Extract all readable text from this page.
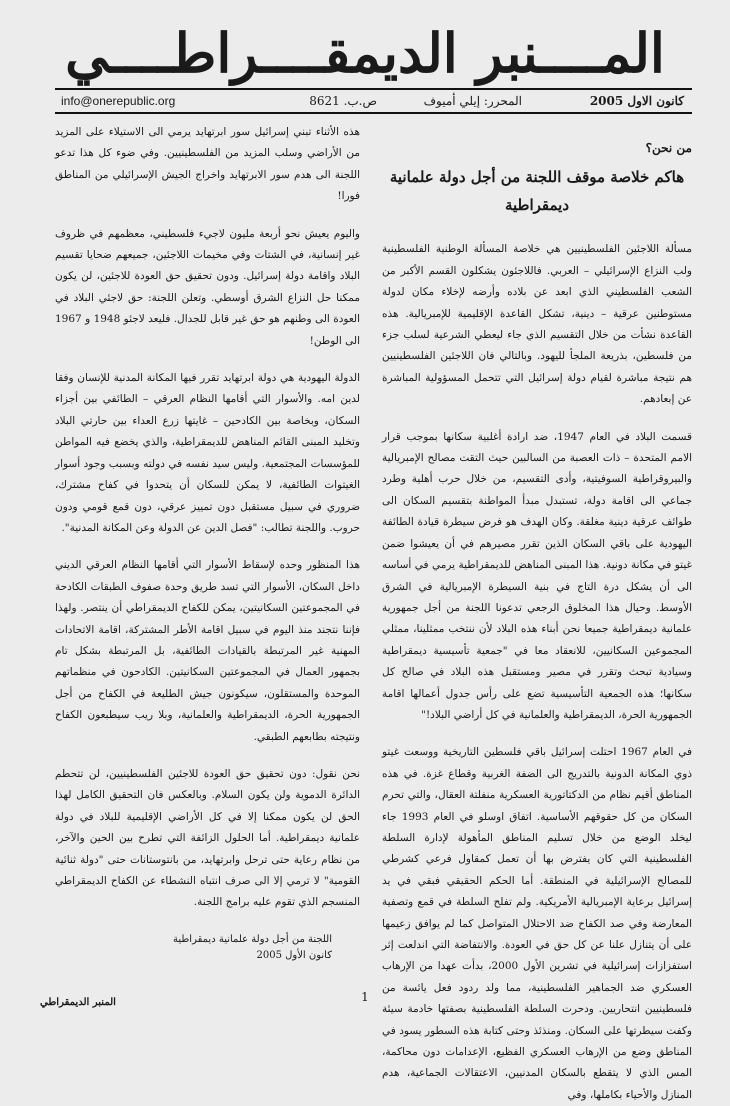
المــــنبر الديمقــــراطــــي
كانون الاول 2005
المحرر: إيلي أميوف
ص.ب. 8621
info@onerepublic.org
من نحن؟
هاكم خلاصة موقف اللجنة من أجل دولة علمانية ديمقراطية

مسألة اللاجئين الفلسطينيين هي خلاصة المسألة الوطنية الفلسطينية ولب النزاع الإسرائيلي – العربي. فاللاجئون يشكلون القسم الأكبر من الشعب الفلسطيني الذي ابعد عن بلاده وأرضه لإخلاء مكان لدولة مستوطنين عرقية – دينية، تشكل القاعدة الإقليمية للإمبريالية. هذه القاعدة نشأت من خلال التقسيم الذي جاء ليعطي الشرعية لسلب جزء من فلسطين، بذريعة الملجأ لليهود. وبالتالي فان اللاجئين الفلسطينيين هم نتيجة مباشرة لقيام دولة إسرائيل التي تتحمل المسؤولية المباشرة عن إبعادهم.

قسمت البلاد في العام 1947، ضد ارادة أغلبية سكانها بموجب قرار الامم المتحدة – ذات العصبة من السالبين حيث التقت مصالح الإمبريالية والبيروقراطية السوفيتية، وأدى التقسيم، من خلال حرب أهلية وطرد جماعي الى اقامة دولة، تستبدل مبدأ المواطنة بتقسيم السكان الى طوائف عرقية دينية مغلقة. وكان الهدف هو فرض سيطرة قيادة الطائفة اليهودية على باقي السكان الذين تقرر مصيرهم في أن يعيشوا ضمن غيتو في مكانة دونية. هذا المبنى المناهض للديمقراطية يرمي في أساسه الى أن يشكل درة التاج في بنية السيطرة الإمبريالية في الشرق الأوسط. وحيال هذا المخلوق الرجعي تدعونا اللجنة من أجل جمهورية علمانية ديمقراطية جميعا نحن أبناء هذه البلاد لأن ننتخب ممثلينا، ممثلي المجموعين السكانيين، للانعقاد معا في "جمعية تأسيسية ديمقراطية وسيادية تبحث وتقرر في مصير ومستقبل هذه البلاد في صالح كل سكانها؛ هذه الجمعية التأسيسية تضع على رأس جدول أعمالها اقامة الجمهورية الحرة، الديمقراطية والعلمانية في كل أراضي البلاد!"

في العام 1967 احتلت إسرائيل باقي فلسطين التاريخية ووسعت غيتو ذوي المكانة الدونية بالتدريج الى الضفة الغربية وقطاع غزة. في هذه المناطق أقيم نظام من الدكتاتورية العسكرية منفلتة العقال، والتي تحرم السكان من كل حقوقهم الأساسية. اتفاق اوسلو في العام 1993 جاء ليخلد الوضع من خلال تسليم المناطق المأهولة لإدارة السلطة الفلسطينية التي كان يفترض بها أن تعمل كمقاول فرعي كشرطي للمصالح الإسرائيلية في المنطقة. أما الحكم الحقيقي فبقي في يد إسرائيل برعاية الإمبريالية الأمريكية. ولم تفلح السلطة في قمع وتصفية المعارضة وفي صد الكفاح ضد الاحتلال المتواصل كما لم يوافق زعيمها على أن يتنازل علنا عن كل حق في العودة. والانتفاضة التي اندلعت إثر استفزازات إسرائيلية في تشرين الأول 2000، بدأت عهدا من الإرهاب العسكري ضد الجماهير الفلسطينية، مما ولد ردود فعل يائسة من فلسطينيين انتحاريين. ودحرت السلطة الفلسطينية بصفتها خادمة سيئة وكفت سيطرتها على السكان. ومنذئذ وحتى كتابة هذه السطور يسود في المناطق وضع من الإرهاب العسكري الفظيع، الإعدامات دون محاكمة، المس الذي لا يتقطع بالسكان المدنيين، الاعتقالات الجماعية، هدم المنازل والأحياء بكاملها، وفي

هذه الأثناء تبني إسرائيل سور ابرتهايد يرمي الى الاستيلاء على المزيد من الأراضي وسلب المزيد من الفلسطينيين. وفي ضوء كل هذا تدعو اللجنة الى هدم سور الابرتهايد واخراج الجيش الإسرائيلي من المناطق فورا!

واليوم يعيش نحو أربعة مليون لاجيء فلسطيني، معظمهم في ظروف غير إنسانية، في الشتات وفي مخيمات اللاجئين، جميعهم ضحايا تقسيم البلاد واقامة دولة إسرائيل. ودون تحقيق حق العودة للاجئين، لن يكون ممكنا حل النزاع الشرق أوسطي. وتعلن اللجنة: حق لاجئي البلاد في العودة الى وطنهم هو حق غير قابل للجدال. فليعد لاجئو 1948 و 1967 الى الوطن!

الدولة اليهودية هي دولة ابرتهايد تقرر فيها المكانة المدنية للإنسان وفقا لدين امه. والأسوار التي أقامها النظام العرقي – الطائفي بين أجزاء السكان، وبخاصة بين الكادحين – غايتها زرع العداء بين حارتي البلاد وتخليد المبنى القائم المناهض للديمقراطية، والذي يخضع فيه المواطن للمؤسسات المجتمعية. وليس سيد نفسه في دولته وبسبب وجود أسوار الغيتوات الطائفية، لا يمكن للسكان أن يتحدوا في كفاح مشترك، ضروري في سبيل مستقبل دون تمييز عرقي، دون قمع قومي ودون حروب. واللجنة تطالب: "فصل الدين عن الدولة وعن المكانة المدنية".

هذا المنظور وحده لإسقاط الأسوار التي أقامها النظام العرقي الديني داخل السكان، الأسوار التي تسد طريق وحدة صفوف الطبقات الكادحة في المجموعتين السكانيتين، يمكن للكفاح الديمقراطي أن ينتصر. ولهذا فإننا نتجند منذ اليوم في سبيل اقامة الأطر المشتركة، اقامة الاتحادات المهنية غير المرتبطة بالقيادات الطائفية، بل المرتبطة بشكل تام بجمهور العمال في المجموعتين السكانيتين. الكادحون في منظماتهم الموحدة والمستقلون، سيكونون جيش الطليعة في الكفاح من أجل الجمهورية الحرة، الديمقراطية والعلمانية، وبلا ريب سيطبعون الكفاح ونتيجته بطابعهم الطبقي.

نحن نقول: دون تحقيق حق العودة للاجئين الفلسطينيين، لن تتحطم الدائرة الدموية ولن يكون السلام. وبالعكس فان التحقيق الكامل لهذا الحق لن يكون ممكنا إلا في كل الأراضي الإقليمية للبلاد في دولة علمانية ديمقراطية. أما الحلول الزائفة التي تطرح بين الحين والآخر، من نظام رعاية حتى ترحل وابرتهايد، من بانتوستانات حتى "دولة ثنائية القومية" لا ترمي إلا الى صرف انتباه النشطاء عن الكفاح الديمقراطي المنسجم الذي تقوم عليه برامج اللجنة.

اللجنة من أجل دولة علمانية ديمقراطية
كانون الأول 2005
1
المنبر الديمقراطي
